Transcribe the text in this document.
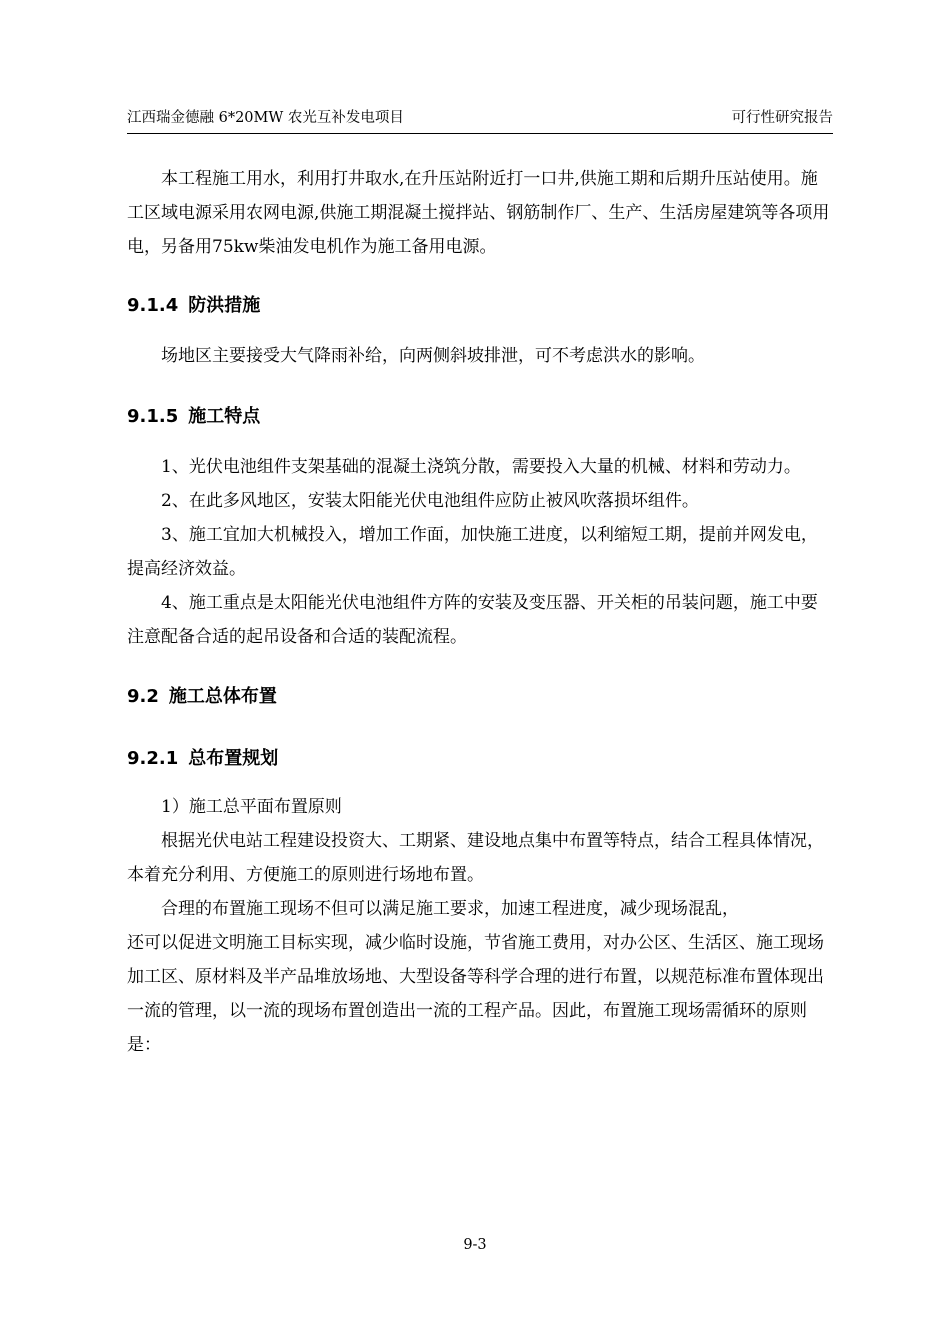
江西瑞金德融 6*20MW 农光互补发电项目	可行性研究报告

本工程施工用水，利用打井取水,在升压站附近打一口井,供施工期和后期升压站使用。施工区域电源采用农网电源,供施工期混凝土搅拌站、钢筋制作厂、生产、生活房屋建筑等各项用电，另备用75kw柴油发电机作为施工备用电源。

9.1.4 防洪措施

场地区主要接受大气降雨补给，向两侧斜坡排泄，可不考虑洪水的影响。

9.1.5 施工特点

1、光伏电池组件支架基础的混凝土浇筑分散，需要投入大量的机械、材料和劳动力。

2、在此多风地区，安装太阳能光伏电池组件应防止被风吹落损坏组件。

3、施工宜加大机械投入，增加工作面，加快施工进度，以利缩短工期，提前并网发电，提高经济效益。

4、施工重点是太阳能光伏电池组件方阵的安装及变压器、开关柜的吊装问题，施工中要注意配备合适的起吊设备和合适的装配流程。

9.2 施工总体布置

9.2.1 总布置规划

1）施工总平面布置原则

根据光伏电站工程建设投资大、工期紧、建设地点集中布置等特点，结合工程具体情况，本着充分利用、方便施工的原则进行场地布置。

合理的布置施工现场不但可以满足施工要求，加速工程进度，减少现场混乱，

还可以促进文明施工目标实现，减少临时设施，节省施工费用，对办公区、生活区、施工现场加工区、原材料及半产品堆放场地、大型设备等科学合理的进行布置，以规范标准布置体现出一流的管理，以一流的现场布置创造出一流的工程产品。因此，布置施工现场需循环的原则是：

9-3
